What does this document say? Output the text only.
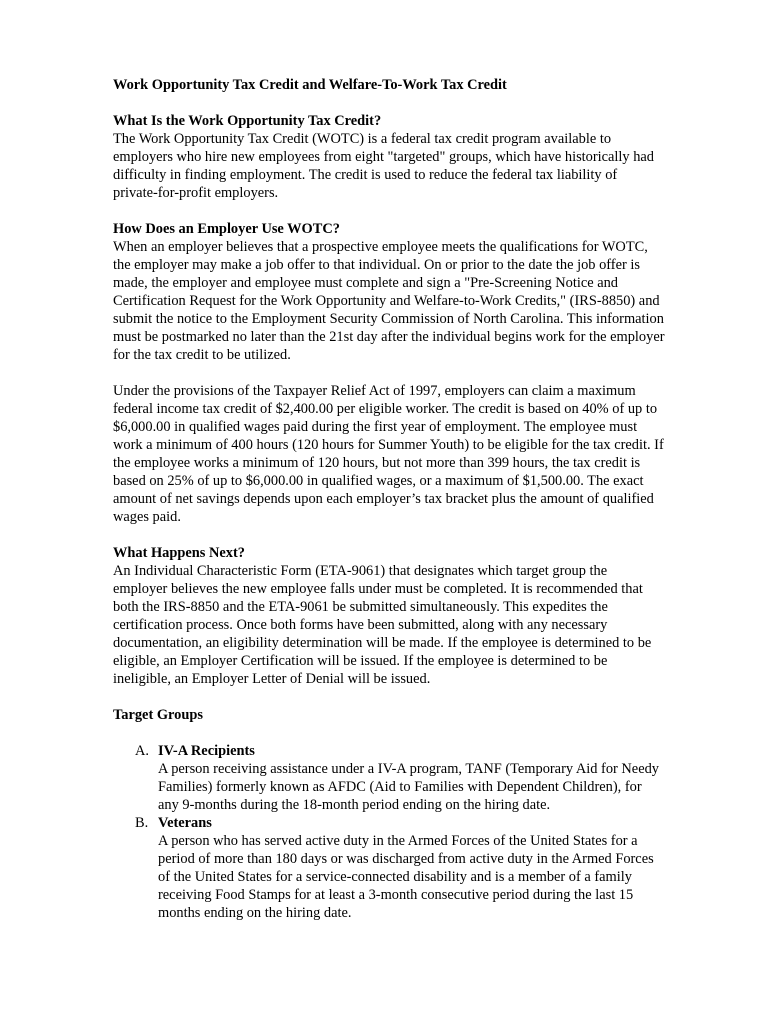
Work Opportunity Tax Credit and Welfare-To-Work Tax Credit
What Is the Work Opportunity Tax Credit?
The Work Opportunity Tax Credit (WOTC) is a federal tax credit program available to employers who hire new employees from eight "targeted" groups, which have historically had difficulty in finding employment. The credit is used to reduce the federal tax liability of private-for-profit employers.
How Does an Employer Use WOTC?
When an employer believes that a prospective employee meets the qualifications for WOTC, the employer may make a job offer to that individual. On or prior to the date the job offer is made, the employer and employee must complete and sign a "Pre-Screening Notice and Certification Request for the Work Opportunity and Welfare-to-Work Credits," (IRS-8850) and submit the notice to the Employment Security Commission of North Carolina. This information must be postmarked no later than the 21st day after the individual begins work for the employer for the tax credit to be utilized.
Under the provisions of the Taxpayer Relief Act of 1997, employers can claim a maximum federal income tax credit of $2,400.00 per eligible worker. The credit is based on 40% of up to $6,000.00 in qualified wages paid during the first year of employment. The employee must work a minimum of 400 hours (120 hours for Summer Youth) to be eligible for the tax credit. If the employee works a minimum of 120 hours, but not more than 399 hours, the tax credit is based on 25% of up to $6,000.00 in qualified wages, or a maximum of $1,500.00. The exact amount of net savings depends upon each employer’s tax bracket plus the amount of qualified wages paid.
What Happens Next?
An Individual Characteristic Form (ETA-9061) that designates which target group the employer believes the new employee falls under must be completed. It is recommended that both the IRS-8850 and the ETA-9061 be submitted simultaneously. This expedites the certification process. Once both forms have been submitted, along with any necessary documentation, an eligibility determination will be made. If the employee is determined to be eligible, an Employer Certification will be issued. If the employee is determined to be ineligible, an Employer Letter of Denial will be issued.
Target Groups
A. IV-A Recipients
A person receiving assistance under a IV-A program, TANF (Temporary Aid for Needy Families) formerly known as AFDC (Aid to Families with Dependent Children), for any 9-months during the 18-month period ending on the hiring date.
B. Veterans
A person who has served active duty in the Armed Forces of the United States for a period of more than 180 days or was discharged from active duty in the Armed Forces of the United States for a service-connected disability and is a member of a family receiving Food Stamps for at least a 3-month consecutive period during the last 15 months ending on the hiring date.
